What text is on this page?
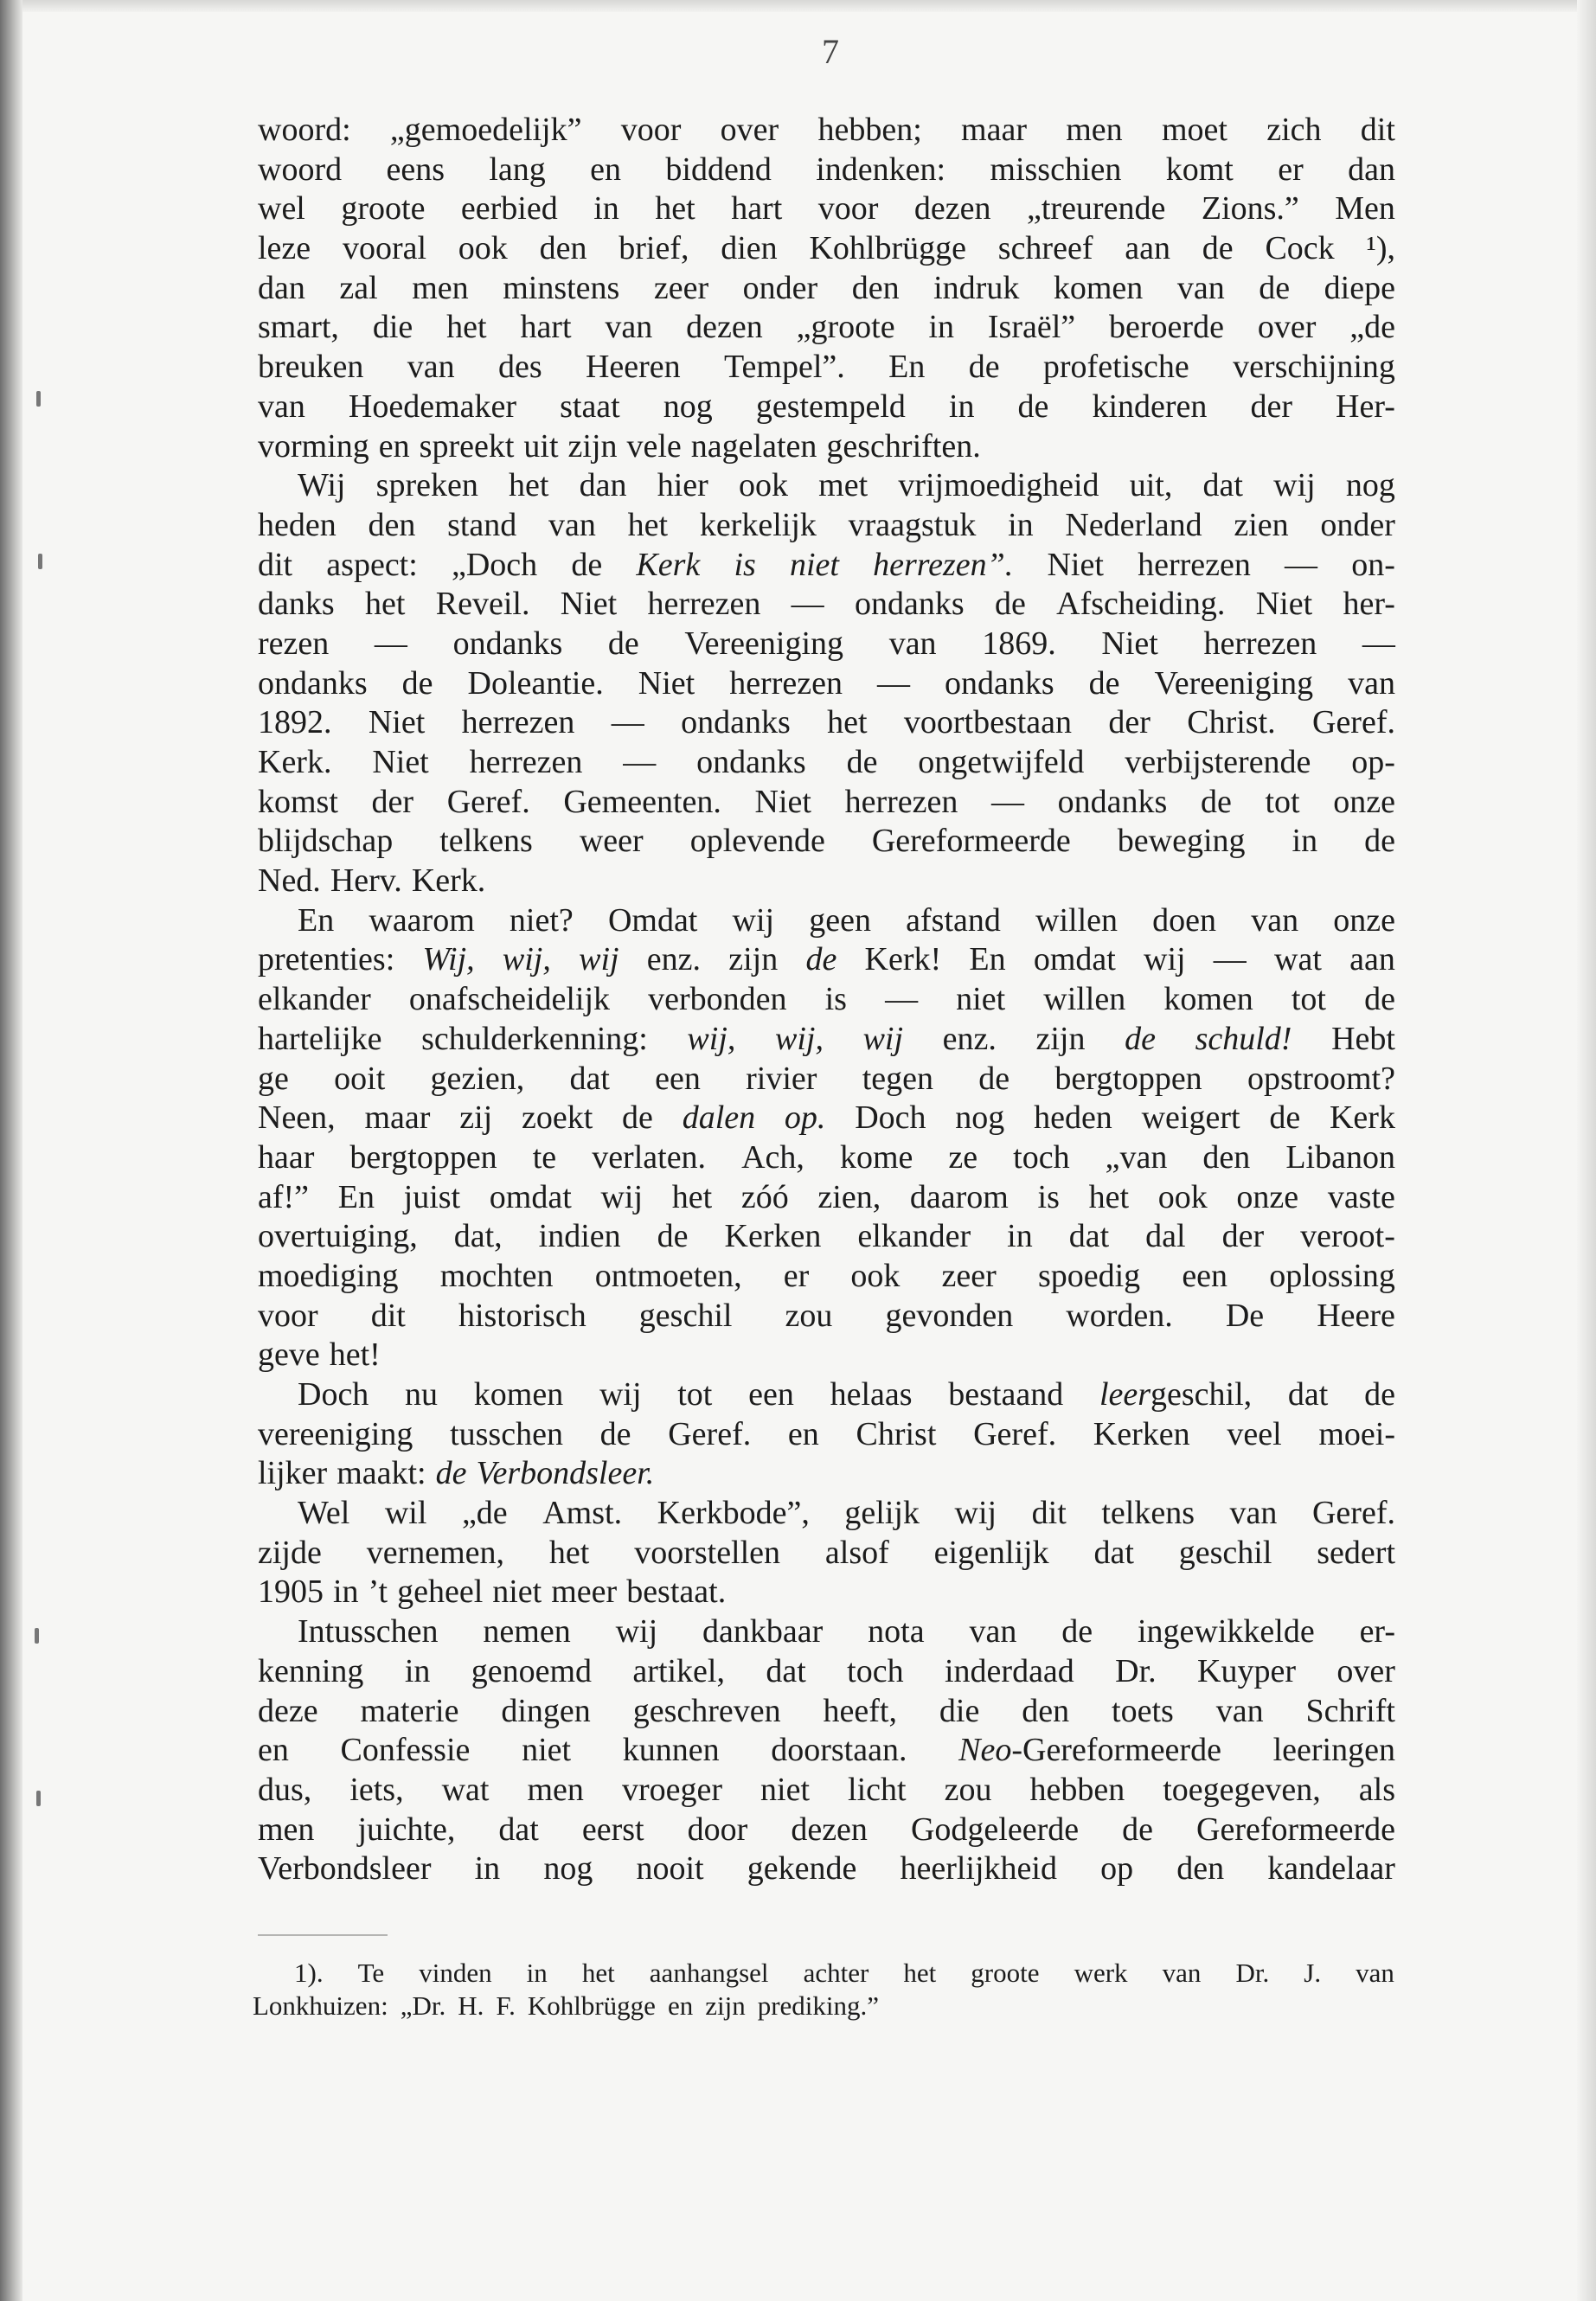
7
woord: „gemoedelijk” voor over hebben; maar men moet zich dit
woord eens lang en biddend indenken: misschien komt er dan
wel groote eerbied in het hart voor dezen „treurende Zions.” Men
leze vooral ook den brief, dien Kohlbrügge schreef aan de Cock ¹),
dan zal men minstens zeer onder den indruk komen van de diepe
smart, die het hart van dezen „groote in Israël” beroerde over „de
breuken van des Heeren Tempel”. En de profetische verschijning
van Hoedemaker staat nog gestempeld in de kinderen der Her-
vorming en spreekt uit zijn vele nagelaten geschriften.
Wij spreken het dan hier ook met vrijmoedigheid uit, dat wij nog
heden den stand van het kerkelijk vraagstuk in Nederland zien onder
dit aspect: „Doch de Kerk is niet herrezen”. Niet herrezen — on-
danks het Reveil. Niet herrezen — ondanks de Afscheiding. Niet her-
rezen — ondanks de Vereeniging van 1869. Niet herrezen —
ondanks de Doleantie. Niet herrezen — ondanks de Vereeniging van
1892. Niet herrezen — ondanks het voortbestaan der Christ. Geref.
Kerk. Niet herrezen — ondanks de ongetwijfeld verbijsterende op-
komst der Geref. Gemeenten. Niet herrezen — ondanks de tot onze
blijdschap telkens weer oplevende Gereformeerde beweging in de
Ned. Herv. Kerk.
En waarom niet? Omdat wij geen afstand willen doen van onze
pretenties: Wij, wij, wij enz. zijn de Kerk! En omdat wij — wat aan
elkander onafscheidelijk verbonden is — niet willen komen tot de
hartelijke schulderkenning: wij, wij, wij enz. zijn de schuld! Hebt
ge ooit gezien, dat een rivier tegen de bergtoppen opstroomt?
Neen, maar zij zoekt de dalen op. Doch nog heden weigert de Kerk
haar bergtoppen te verlaten. Ach, kome ze toch „van den Libanon
af!” En juist omdat wij het zóó zien, daarom is het ook onze vaste
overtuiging, dat, indien de Kerken elkander in dat dal der veroot-
moediging mochten ontmoeten, er ook zeer spoedig een oplossing
voor dit historisch geschil zou gevonden worden. De Heere
geve het!
Doch nu komen wij tot een helaas bestaand leergeschil, dat de
vereeniging tusschen de Geref. en Christ Geref. Kerken veel moei-
lijker maakt: de Verbondsleer.
Wel wil „de Amst. Kerkbode”, gelijk wij dit telkens van Geref.
zijde vernemen, het voorstellen alsof eigenlijk dat geschil sedert
1905 in ’t geheel niet meer bestaat.
Intusschen nemen wij dankbaar nota van de ingewikkelde er-
kenning in genoemd artikel, dat toch inderdaad Dr. Kuyper over
deze materie dingen geschreven heeft, die den toets van Schrift
en Confessie niet kunnen doorstaan. Neo-Gereformeerde leeringen
dus, iets, wat men vroeger niet licht zou hebben toegegeven, als
men juichte, dat eerst door dezen Godgeleerde de Gereformeerde
Verbondsleer in nog nooit gekende heerlijkheid op den kandelaar
1). Te vinden in het aanhangsel achter het groote werk van Dr. J. van
Lonkhuizen: „Dr. H. F. Kohlbrügge en zijn prediking.”
